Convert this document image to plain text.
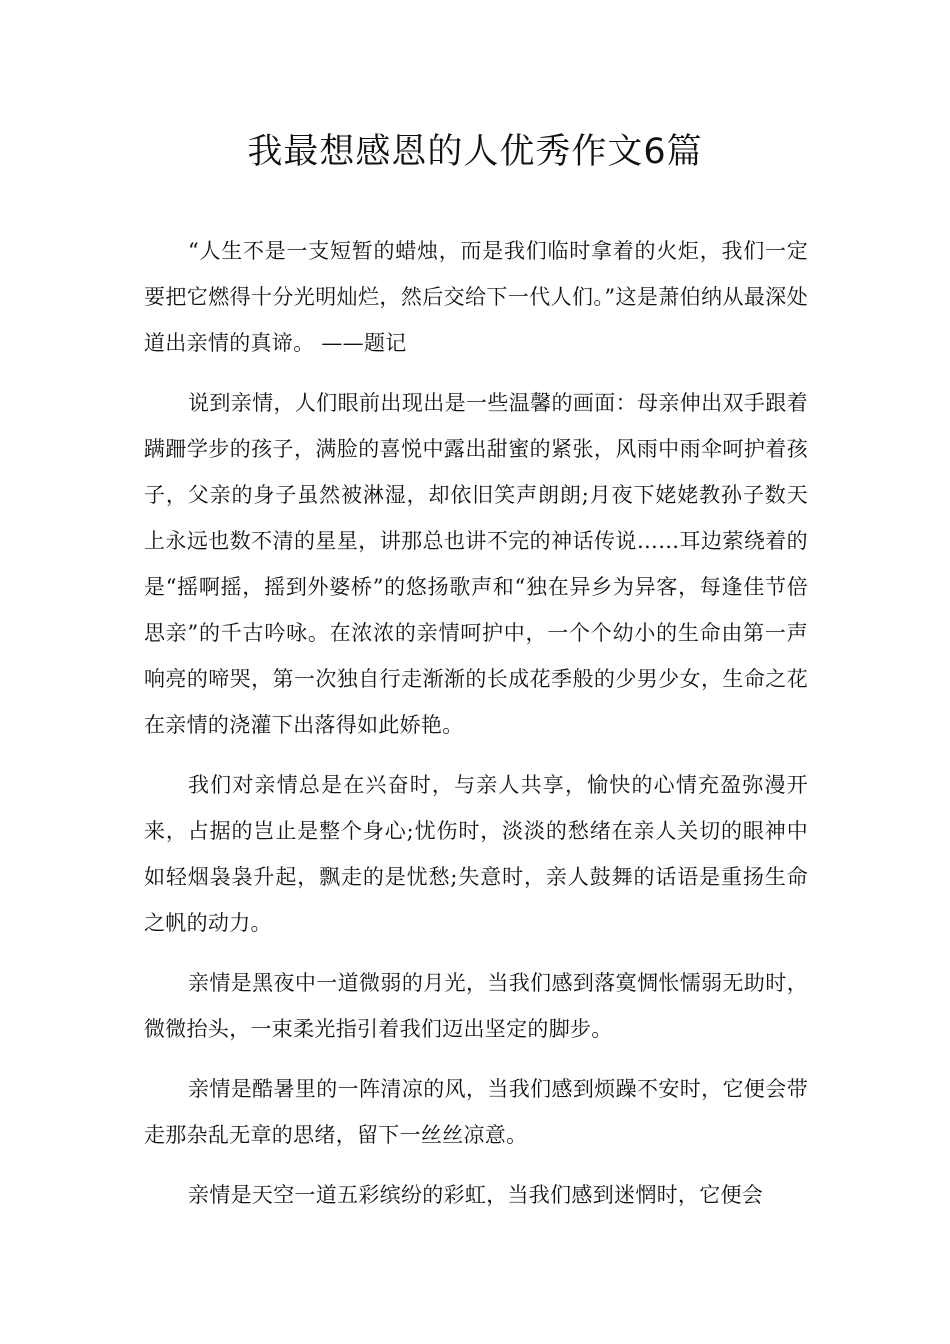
我最想感恩的人优秀作文6篇

“人生不是一支短暂的蜡烛，而是我们临时拿着的火炬，我们一定要把它燃得十分光明灿烂，然后交给下一代人们。”这是萧伯纳从最深处道出亲情的真谛。 ——题记

说到亲情，人们眼前出现出是一些温馨的画面：母亲伸出双手跟着蹒跚学步的孩子，满脸的喜悦中露出甜蜜的紧张，风雨中雨伞呵护着孩子，父亲的身子虽然被淋湿，却依旧笑声朗朗;月夜下姥姥教孙子数天上永远也数不清的星星，讲那总也讲不完的神话传说……耳边萦绕着的是“摇啊摇，摇到外婆桥”的悠扬歌声和“独在异乡为异客，每逢佳节倍思亲”的千古吟咏。在浓浓的亲情呵护中，一个个幼小的生命由第一声响亮的啼哭，第一次独自行走渐渐的长成花季般的少男少女，生命之花在亲情的浇灌下出落得如此娇艳。

我们对亲情总是在兴奋时，与亲人共享，愉快的心情充盈弥漫开来，占据的岂止是整个身心;忧伤时，淡淡的愁绪在亲人关切的眼神中如轻烟袅袅升起，飘走的是忧愁;失意时，亲人鼓舞的话语是重扬生命之帆的动力。

亲情是黑夜中一道微弱的月光，当我们感到落寞惆怅懦弱无助时，微微抬头，一束柔光指引着我们迈出坚定的脚步。

亲情是酷暑里的一阵清凉的风，当我们感到烦躁不安时，它便会带走那杂乱无章的思绪，留下一丝丝凉意。

亲情是天空一道五彩缤纷的彩虹，当我们感到迷惘时，它便会
